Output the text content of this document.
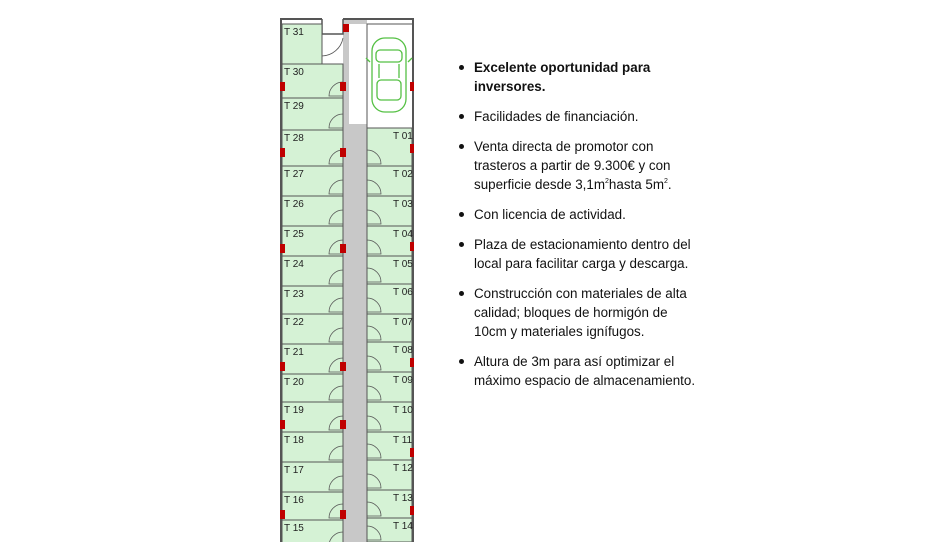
T 31
T 30
T 29
T 28
T 27
T 26
T 25
T 24
T 23
T 22
T 21
T 20
T 19
T 18
T 17
T 16
T 15
T 01
T 02
T 03
T 04
T 05
T 06
T 07
T 08
T 09
T 10
T 11
T 12
T 13
T 14
Excelente oportunidad para inversores.
Facilidades de financiación.
Venta directa de promotor con trasteros a partir de 9.300€ y con superficie desde $3,1m^2hasta$ $5m^2$.
Con licencia de actividad.
Plaza de estacionamiento dentro del local para facilitar carga y descarga.
Construcción con materiales de alta calidad; bloques de hormigón de 10cm y materiales ignífugos.
Altura de 3m para así optimizar el máximo espacio de almacenamiento.
